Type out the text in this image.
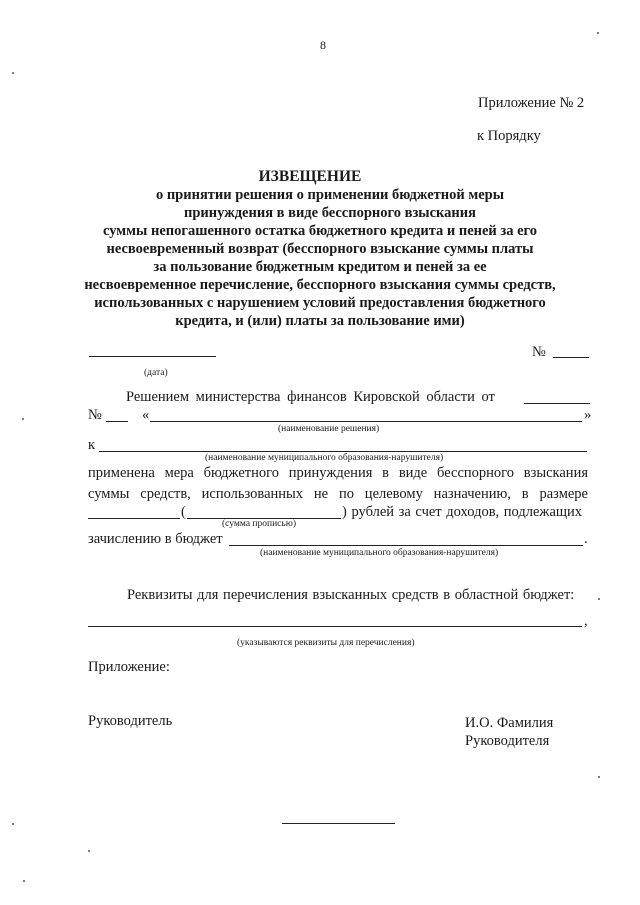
8
Приложение № 2
к Порядку
ИЗВЕЩЕНИЕ
о принятии решения о применении бюджетной меры
принуждения в виде бесспорного взыскания
суммы непогашенного остатка бюджетного кредита и пеней за его
несвоевременный возврат (бесспорного взыскание суммы платы
за пользование бюджетным кредитом и пеней за ее
несвоевременное перечисление, бесспорного взыскания суммы средств,
использованных с нарушением условий предоставления бюджетного
кредита, и (или) платы за пользование ими)
№
(дата)
Решением министерства финансов Кировской области от
№	«	»
(наименование решения)
к
(наименование муниципального образования-нарушителя)
применена мера бюджетного принуждения в виде бесспорного взыскания
суммы средств, использованных не по целевому назначению, в размере
(	) рублей за счет доходов, подлежащих
(сумма прописью)
зачислению в бюджет	.
(наименование муниципального образования-нарушителя)
Реквизиты для перечисления взысканных средств в областной бюджет:
,
(указываются реквизиты для перечисления)
Приложение:
Руководитель	И.О. Фамилия
Руководителя
